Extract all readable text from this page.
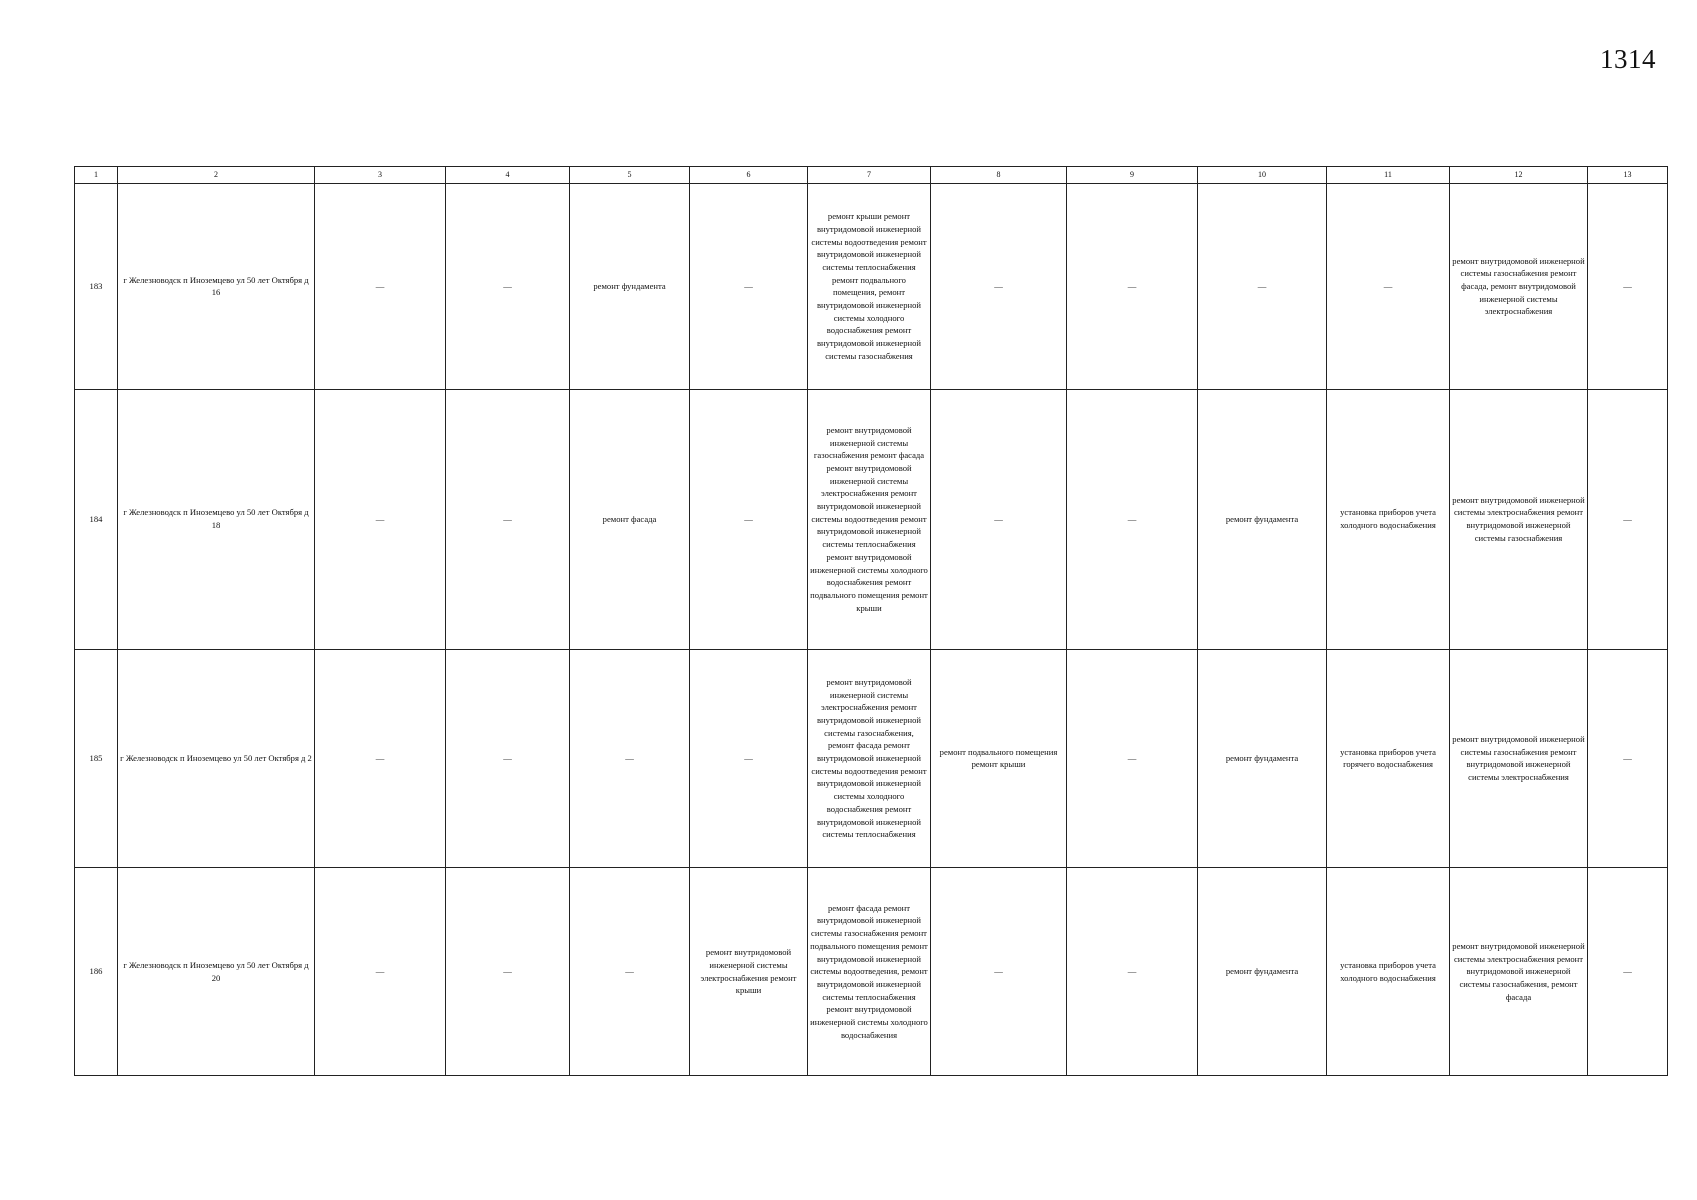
1314
1	2	3	4	5	6	7	8	9	10	11	12	13
183	г Железноводск п Иноземцево ул 50 лет Октября д 16	—	—	ремонт фундамента	—	ремонт крыши ремонт внутридомовой инженерной системы водоотведения ремонт внутридомовой инженерной системы теплоснабжения ремонт подвального помещения, ремонт внутридомовой инженерной системы холодного водоснабжения ремонт внутридомовой инженерной системы газоснабжения	—	—	—	—	ремонт внутридомовой инженерной системы газоснабжения ремонт фасада, ремонт внутридомовой инженерной системы электроснабжения	—
184	г Железноводск п Иноземцево ул 50 лет Октября д 18	—	—	ремонт фасада	—	ремонт внутридомовой инженерной системы газоснабжения ремонт фасада ремонт внутридомовой инженерной системы электроснабжения ремонт внутридомовой инженерной системы водоотведения ремонт внутридомовой инженерной системы теплоснабжения ремонт внутридомовой инженерной системы холодного водоснабжения ремонт подвального помещения ремонт крыши	—	—	ремонт фундамента	установка приборов учета холодного водоснабжения	ремонт внутридомовой инженерной системы электроснабжения ремонт внутридомовой инженерной системы газоснабжения	—
185	г Железноводск п Иноземцево ул 50 лет Октября д 2	—	—	—	—	ремонт внутридомовой инженерной системы электроснабжения ремонт внутридомовой инженерной системы газоснабжения, ремонт фасада ремонт внутридомовой инженерной системы водоотведения ремонт внутридомовой инженерной системы холодного водоснабжения ремонт внутридомовой инженерной системы теплоснабжения	ремонт подвального помещения ремонт крыши	—	ремонт фундамента	установка приборов учета горячего водоснабжения	ремонт внутридомовой инженерной системы газоснабжения ремонт внутридомовой инженерной системы электроснабжения	—
186	г Железноводск п Иноземцево ул 50 лет Октября д 20	—	—	—	ремонт внутридомовой инженерной системы электроснабжения ремонт крыши	ремонт фасада ремонт внутридомовой инженерной системы газоснабжения ремонт подвального помещения ремонт внутридомовой инженерной системы водоотведения, ремонт внутридомовой инженерной системы теплоснабжения ремонт внутридомовой инженерной системы холодного водоснабжения	—	—	ремонт фундамента	установка приборов учета холодного водоснабжения	ремонт внутридомовой инженерной системы электроснабжения ремонт внутридомовой инженерной системы газоснабжения, ремонт фасада	—
